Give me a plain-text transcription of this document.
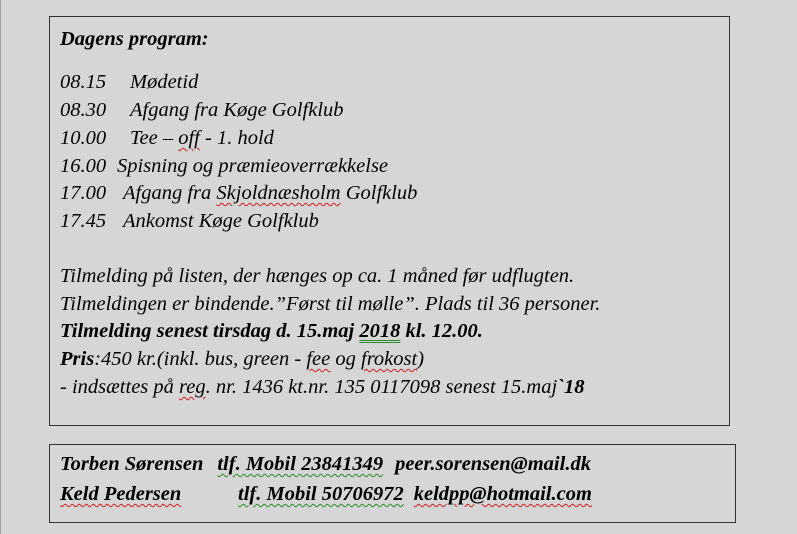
Dagens program:
08.15 Mødetid
08.30 Afgang fra Køge Golfklub
10.00 Tee – off - 1. hold
16.00 Spisning og præmieoverrækkelse
17.00 Afgang fra Skjoldnæsholm Golfklub
17.45 Ankomst Køge Golfklub
Tilmelding på listen, der hænges op ca. 1 måned før udflugten.
Tilmeldingen er bindende.”Først til mølle”. Plads til 36 personer.
Tilmelding senest tirsdag d. 15.maj 2018 kl. 12.00.
Pris:450 kr.(inkl. bus, green - fee og frokost)
- indsættes på reg. nr. 1436 kt.nr. 135 0117098 senest 15.maj`18
Torben Sørensen tlf. Mobil 23841349 peer.sorensen@mail.dk
Keld Pedersen	tlf. Mobil 50706972 keldpp@hotmail.com
